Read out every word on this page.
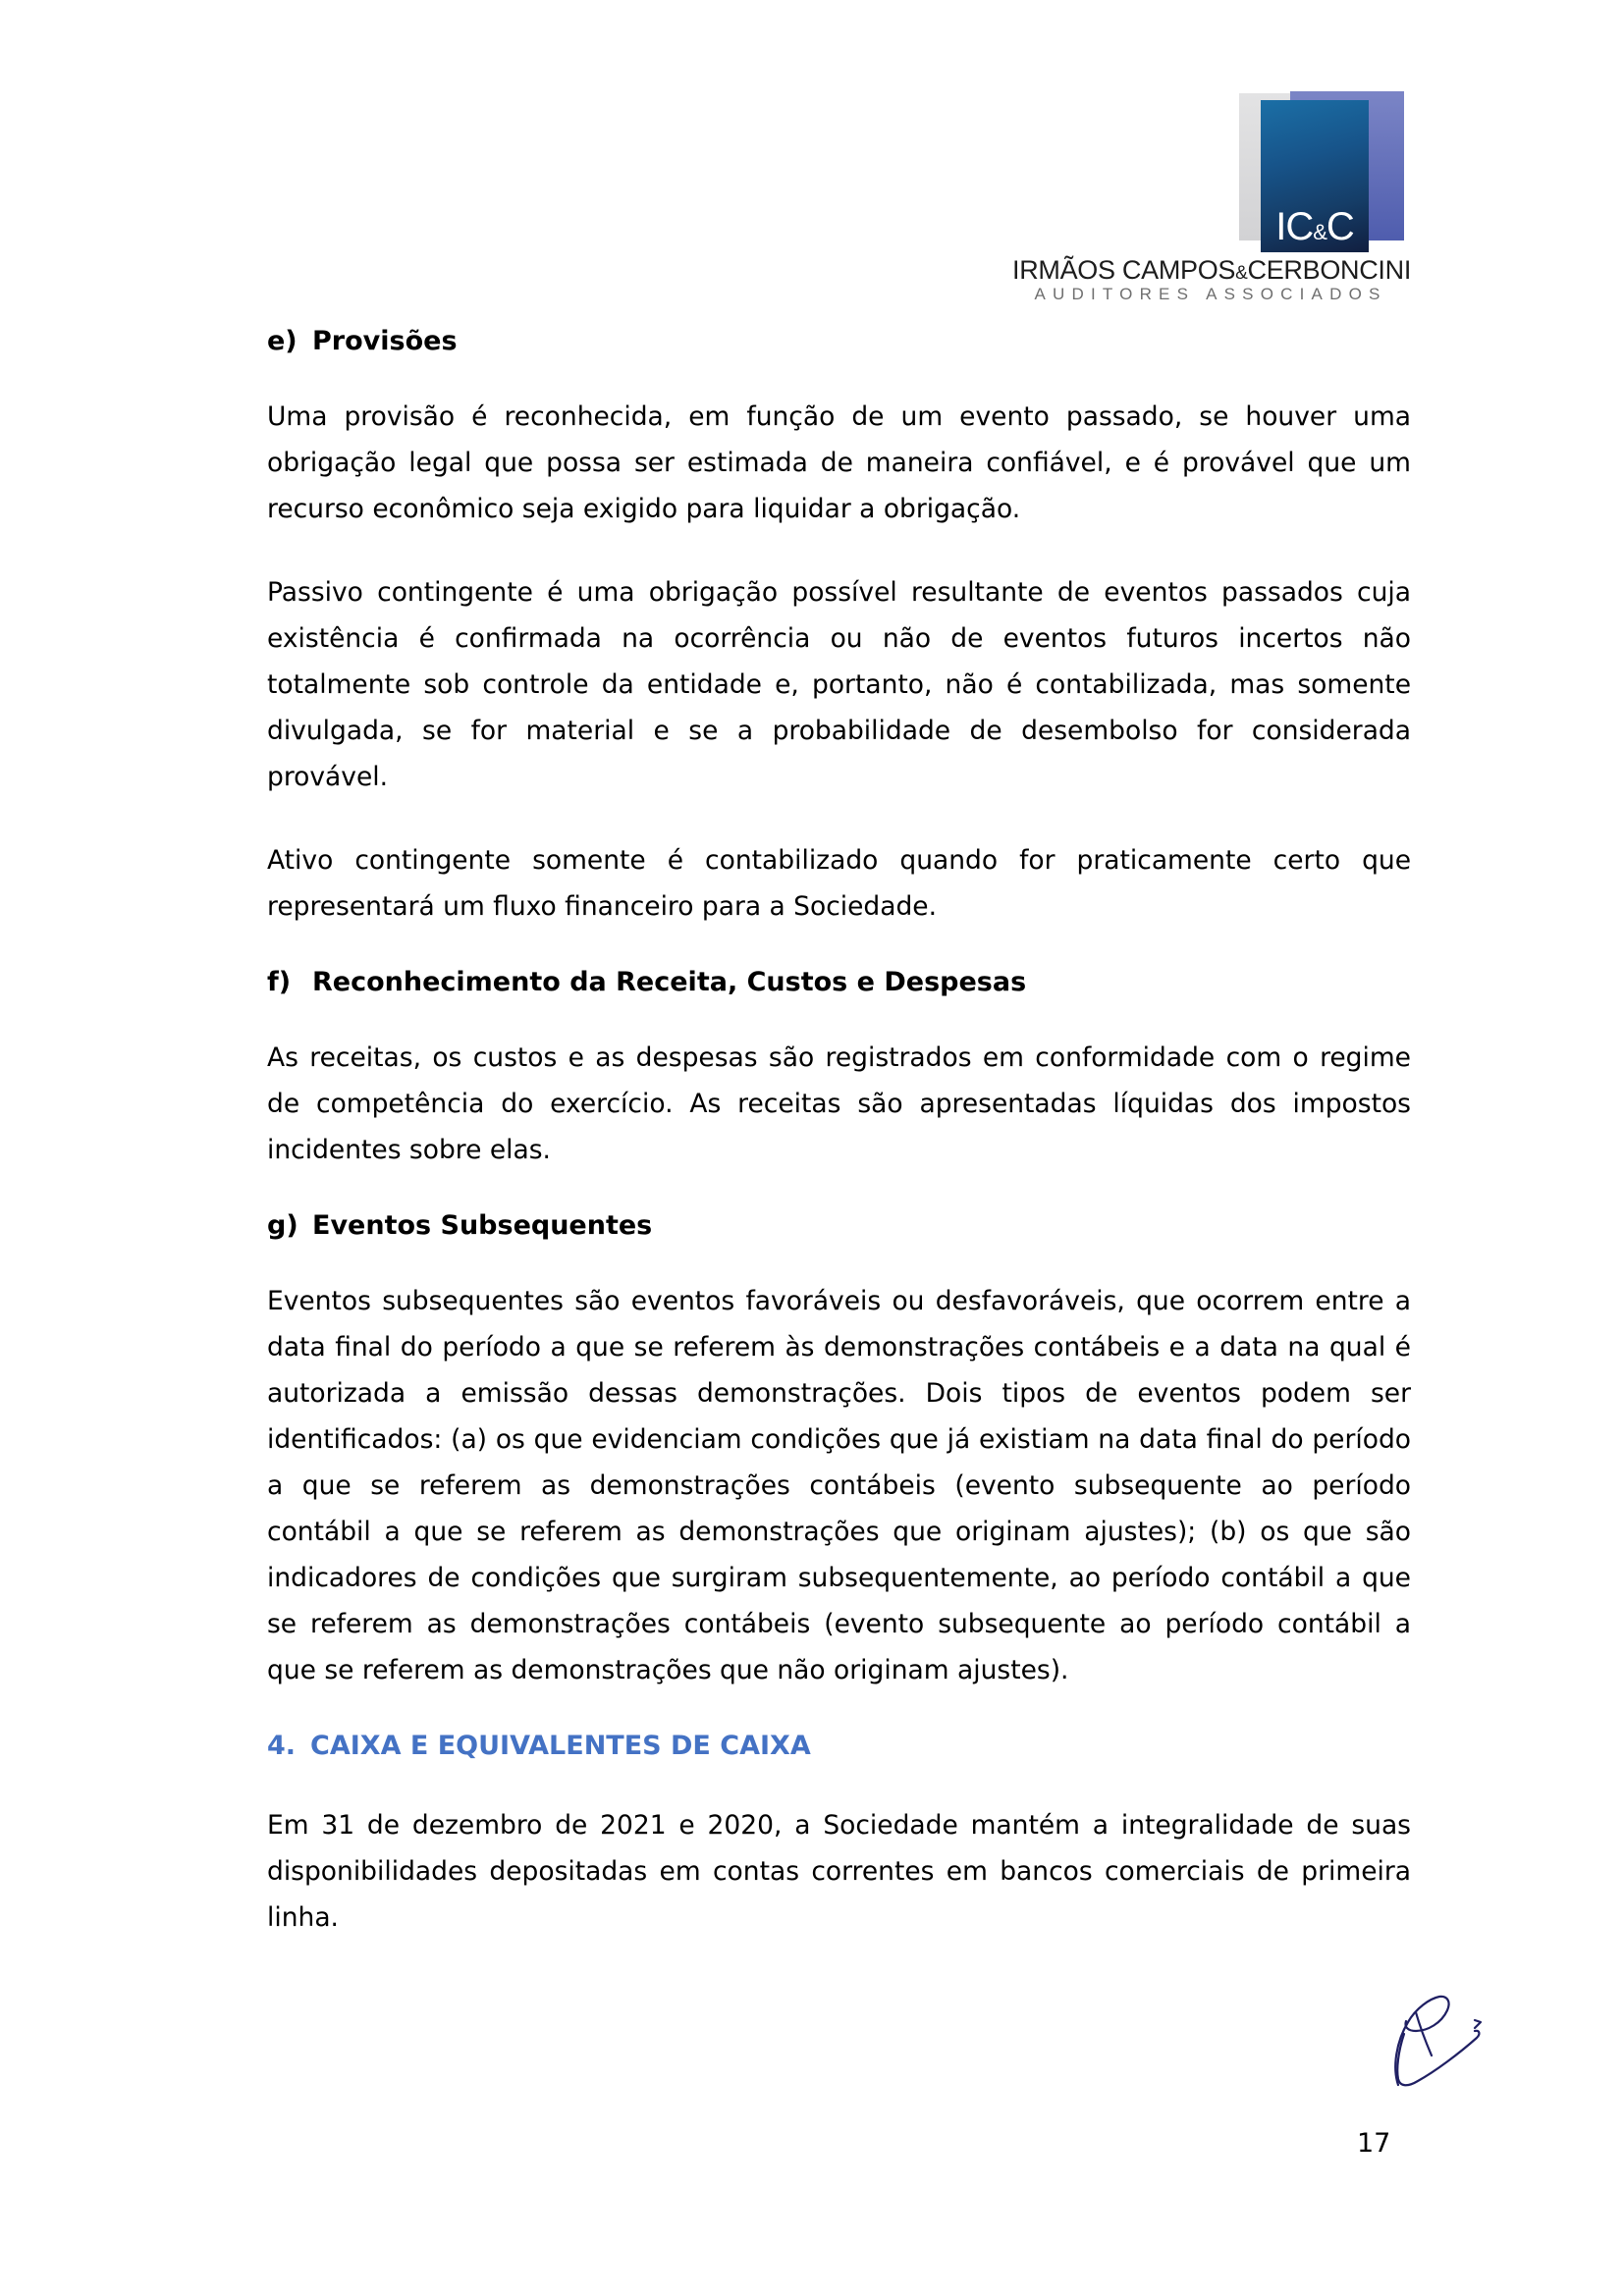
IC&C
IRMÃOS CAMPOS&CERBONCINI
AUDITORES ASSOCIADOS
e) Provisões

Uma provisão é reconhecida, em função de um evento passado, se houver uma obrigação legal que possa ser estimada de maneira confiável, e é provável que um recurso econômico seja exigido para liquidar a obrigação.

Passivo contingente é uma obrigação possível resultante de eventos passados cuja existência é confirmada na ocorrência ou não de eventos futuros incertos não totalmente sob controle da entidade e, portanto, não é contabilizada, mas somente divulgada, se for material e se a probabilidade de desembolso for considerada provável.

Ativo contingente somente é contabilizado quando for praticamente certo que representará um fluxo financeiro para a Sociedade.

f) Reconhecimento da Receita, Custos e Despesas

As receitas, os custos e as despesas são registrados em conformidade com o regime de competência do exercício. As receitas são apresentadas líquidas dos impostos incidentes sobre elas.

g) Eventos Subsequentes

Eventos subsequentes são eventos favoráveis ou desfavoráveis, que ocorrem entre a data final do período a que se referem às demonstrações contábeis e a data na qual é autorizada a emissão dessas demonstrações. Dois tipos de eventos podem ser identificados: (a) os que evidenciam condições que já existiam na data final do período a que se referem as demonstrações contábeis (evento subsequente ao período contábil a que se referem as demonstrações que originam ajustes); (b) os que são indicadores de condições que surgiram subsequentemente, ao período contábil a que se referem as demonstrações contábeis (evento subsequente ao período contábil a que se referem as demonstrações que não originam ajustes).

4. CAIXA E EQUIVALENTES DE CAIXA

Em 31 de dezembro de 2021 e 2020, a Sociedade mantém a integralidade de suas disponibilidades depositadas em contas correntes em bancos comerciais de primeira linha.

17
